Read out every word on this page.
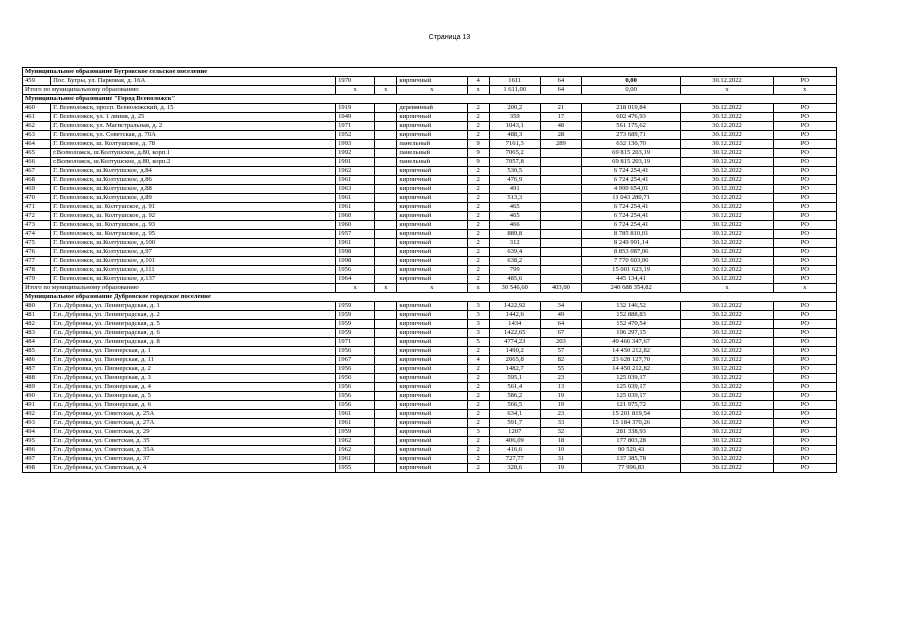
Страница 13
Муниципальное образование Бугровское сельское поселение										
459	Пос. Бугры, ул. Парковая, д. 16А	1970		кирпичный	4	1611	64	0,00	30.12.2022	РО
Итого по муниципальному образованию		x	x	x	x	1 611,00	64	0,00	x	x
Муниципальное образование "Город Всеволожск"										
460	Г. Всеволожск, просп. Всеволожский, д. 15	1919		деревянный	2	200,2	21	218 019,84	30.12.2022	РО
461	Г. Всеволожск, ул. 1 линия, д. 25	1949		кирпичный	2	359	17	602 476,93	30.12.2022	РО
462	Г. Всеволожск, ул. Магистральная, д. 2	1971		кирпичный	2	1043,1	48	561 175,62	30.12.2022	РО
463	Г. Всеволожск, ул. Советская, д. 70А	1952		кирпичный	2	488,3	28	273 689,71	30.12.2022	РО
464	Г. Всеволожск, ш. Колтушское, д. 78	1993		панельный	9	7161,3	289	632 130,70	30.12.2022	РО
465	г.Всеволожск, ш.Колтушское, д.80, корп.1	1992		панельный	9	7065,2		69 815 203,19	30.12.2022	РО
466	г.Всеволожск, ш.Колтушское, д.80, корп.2	1991		панельный	9	7057,8		69 815 203,19	30.12.2022	РО
467	Г. Всеволожск, ш.Колтушское, д.84	1962		кирпичный	2	530,5		6 724 254,41	30.12.2022	РО
468	Г. Всеволожск, ш.Колтушское, д.86	1961		кирпичный	2	476,9		6 724 254,41	30.12.2022	РО
469	Г. Всеволожск, ш.Колтушское, д.88	1963		кирпичный	2	491		4 999 654,01	30.12.2022	РО
470	Г. Всеволожск, ш.Колтушское, д.89	1961		кирпичный	2	513,3		11 043 280,71	30.12.2022	РО
471	Г. Всеволожск, ш. Колтушское, д. 91	1961		кирпичный	2	465		6 724 254,41	30.12.2022	РО
472	Г. Всеволожск, ш. Колтушское, д. 92	1960		кирпичный	2	465		6 724 254,41	30.12.2022	РО
473	Г. Всеволожск, ш. Колтушское, д. 93	1960		кирпичный	2	466		6 724 254,41	30.12.2022	РО
474	Г. Всеволожск, ш. Колтушское, д. 95	1957		кирпичный	2	889,8		8 785 810,01	30.12.2022	РО
475	Г. Всеволожск, ш.Колтушское, д.100	1961		кирпичный	2	312		8 249 991,14	30.12.2022	РО
476	Г. Всеволожск, ш.Колтушское, д.97	1998		кирпичный	2	639,4		8 853 087,06	30.12.2022	РО
477	Г. Всеволожск, ш.Колтушское, д.101	1998		кирпичный	2	638,2		7 770 603,06	30.12.2022	РО
478	Г. Всеволожск, ш.Колтушское, д.111	1956		кирпичный	2	799		15 001 623,19	30.12.2022	РО
479	Г. Всеволожск, ш.Колтушское, д.137	1964		кирпичный	2	485,6		445 134,41	30.12.2022	РО
Итого по муниципальному образованию		x	x	x	x	30 546,60	403,00	240 688 354,82	x	x
Муниципальное образование Дубровское городское поселение										
480	Г.п. Дубровка, ул. Ленинградская, д. 1	1959		кирпичный	3	1422,92	34	132 146,52	30.12.2022	РО
481	Г.п. Дубровка, ул. Ленинградская, д. 2	1959		кирпичный	3	1442,6	49	152 888,83	30.12.2022	РО
482	Г.п. Дубровка, ул. Ленинградская, д. 5	1959		кирпичный	3	1434	64	152 470,54	30.12.2022	РО
483	Г.п. Дубровка, ул. Ленинградская, д. 6	1959		кирпичный	3	1422,65	67	196 297,15	30.12.2022	РО
484	Г.п. Дубровка, ул. Ленинградская, д. 8	1971		кирпичный	5	4774,23	203	49 466 347,67	30.12.2022	РО
485	Г.п. Дубровка, ул. Пионерская, д. 1	1956		кирпичный	2	1490,2	57	14 450 212,82	30.12.2022	РО
486	Г.п. Дубровка, ул. Пионерская, д. 11	1967		кирпичный	4	2065,8	82	23 628 127,70	30.12.2022	РО
487	Г.п. Дубровка, ул. Пионерская, д. 2	1956		кирпичный	2	1482,7	55	14 450 212,82	30.12.2022	РО
488	Г.п. Дубровка, ул. Пионерская, д. 3	1956		кирпичный	2	595,1	23	125 039,17	30.12.2022	РО
489	Г.п. Дубровка, ул. Пионерская, д. 4	1956		кирпичный	2	561,4	13	125 039,17	30.12.2022	РО
490	Г.п. Дубровка, ул. Пионерская, д. 5	1956		кирпичный	2	586,2	19	125 039,17	30.12.2022	РО
491	Г.п. Дубровка, ул. Пионерская, д. 6	1956		кирпичный	2	566,5	19	121 975,72	30.12.2022	РО
492	Г.п. Дубровка, ул. Советская, д. 25А	1961		кирпичный	2	634,1	23	15 201 819,54	30.12.2022	РО
493	Г.п. Дубровка, ул. Советская, д. 27А	1961		кирпичный	2	591,7	33	15 184 370,26	30.12.2022	РО
494	Г.п. Дубровка, ул. Советская, д. 29	1959		кирпичный	3	1207	32	281 338,93	30.12.2022	РО
495	Г.п. Дубровка, ул. Советская, д. 35	1962		кирпичный	2	406,09	18	177 803,28	30.12.2022	РО
496	Г.п. Дубровка, ул. Советская, д. 35А	1962		кирпичный	2	416,6	10	90 520,43	30.12.2022	РО
497	Г.п. Дубровка, ул. Советская, д. 37	1961		кирпичный	2	727,77	31	137 385,78	30.12.2022	РО
498	Г.п. Дубровка, ул. Советская, д. 4	1955		кирпичный	2	328,6	19	77 996,83	30.12.2022	РО
